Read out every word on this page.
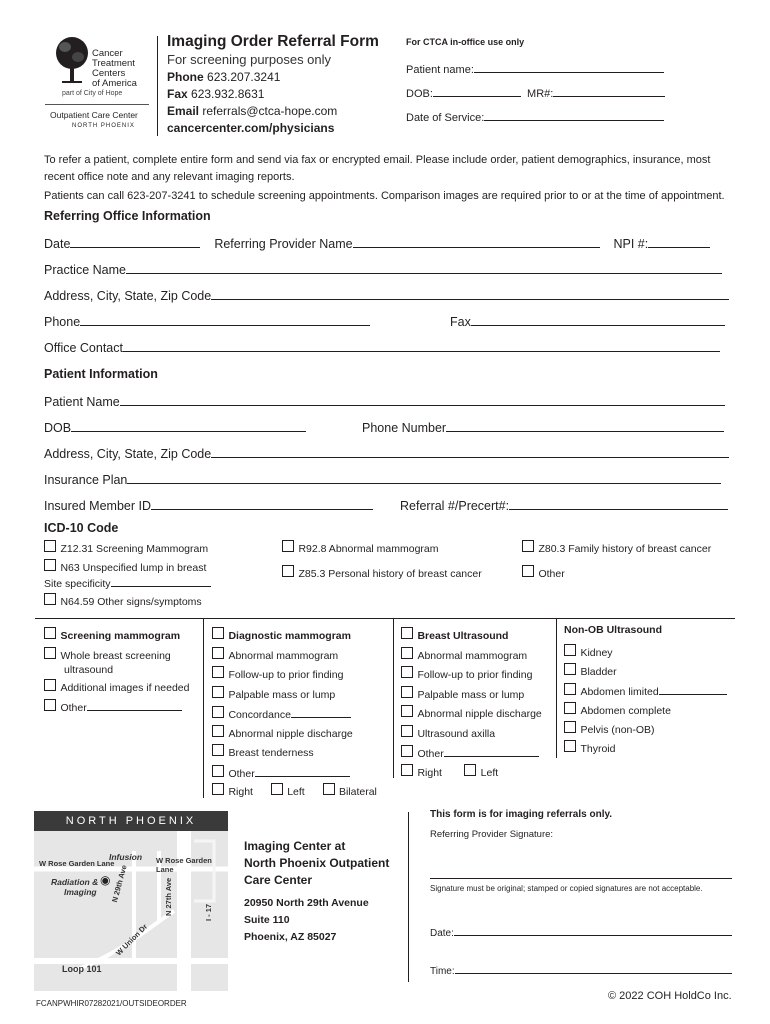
Cancer
Treatment
Centers
of America
part of City of Hope
Outpatient Care Center
NORTH PHOENIX
Imaging Order Referral Form
For screening purposes only
Phone 623.207.3241
Fax 623.932.8631
Email referrals@ctca-hope.com
cancercenter.com/physicians
For CTCA in-office use only
Patient name:
DOB:	MR#:
Date of Service:
To refer a patient, complete entire form and send via fax or encrypted email. Please include order, patient demographics, insurance, most recent office note and any relevant imaging reports.
Patients can call 623-207-3241 to schedule screening appointments. Comparison images are required prior to or at the time of appointment.
Referring Office Information
Date	Referring Provider Name	NPI #:
Practice Name
Address, City, State, Zip Code
Phone	Fax
Office Contact
Patient Information
Patient Name
DOB	Phone Number
Address, City, State, Zip Code
Insurance Plan
Insured Member ID	Referral #/Precert#:
ICD-10 Code
Z12.31 Screening Mammogram	R92.8 Abnormal mammogram	Z80.3 Family history of breast cancer
N63 Unspecified lump in breast
Site specificity
Z85.3 Personal history of breast cancer	Other
N64.59 Other signs/symptoms
Screening mammogram
Whole breast screening
ultrasound
Additional images if needed
Other
Diagnostic mammogram
Abnormal mammogram
Follow-up to prior finding
Palpable mass or lump
Concordance
Abnormal nipple discharge
Breast tenderness
Other
Right	Left	Bilateral
Breast Ultrasound
Abnormal mammogram
Follow-up to prior finding
Palpable mass or lump
Abnormal nipple discharge
Ultrasound axilla
Other
Right	Left
Non-OB Ultrasound
Kidney
Bladder
Abdomen limited
Abdomen complete
Pelvis (non-OB)
Thyroid
NORTH PHOENIX
W Rose Garden Lane	W Rose Garden Lane
Infusion
◉
Radiation &
Imaging N 29th Ave	N 27th Ave	I - 17
W Union Dr
Loop 101
Imaging Center at
North Phoenix Outpatient
Care Center
20950 North 29th Avenue
Suite 110
Phoenix, AZ 85027
This form is for imaging referrals only.
Referring Provider Signature:
Signature must be original; stamped or copied signatures are not acceptable.
Date:
Time:
FCANPWHIR07282021/OUTSIDEORDER
© 2022 COH HoldCo Inc.
